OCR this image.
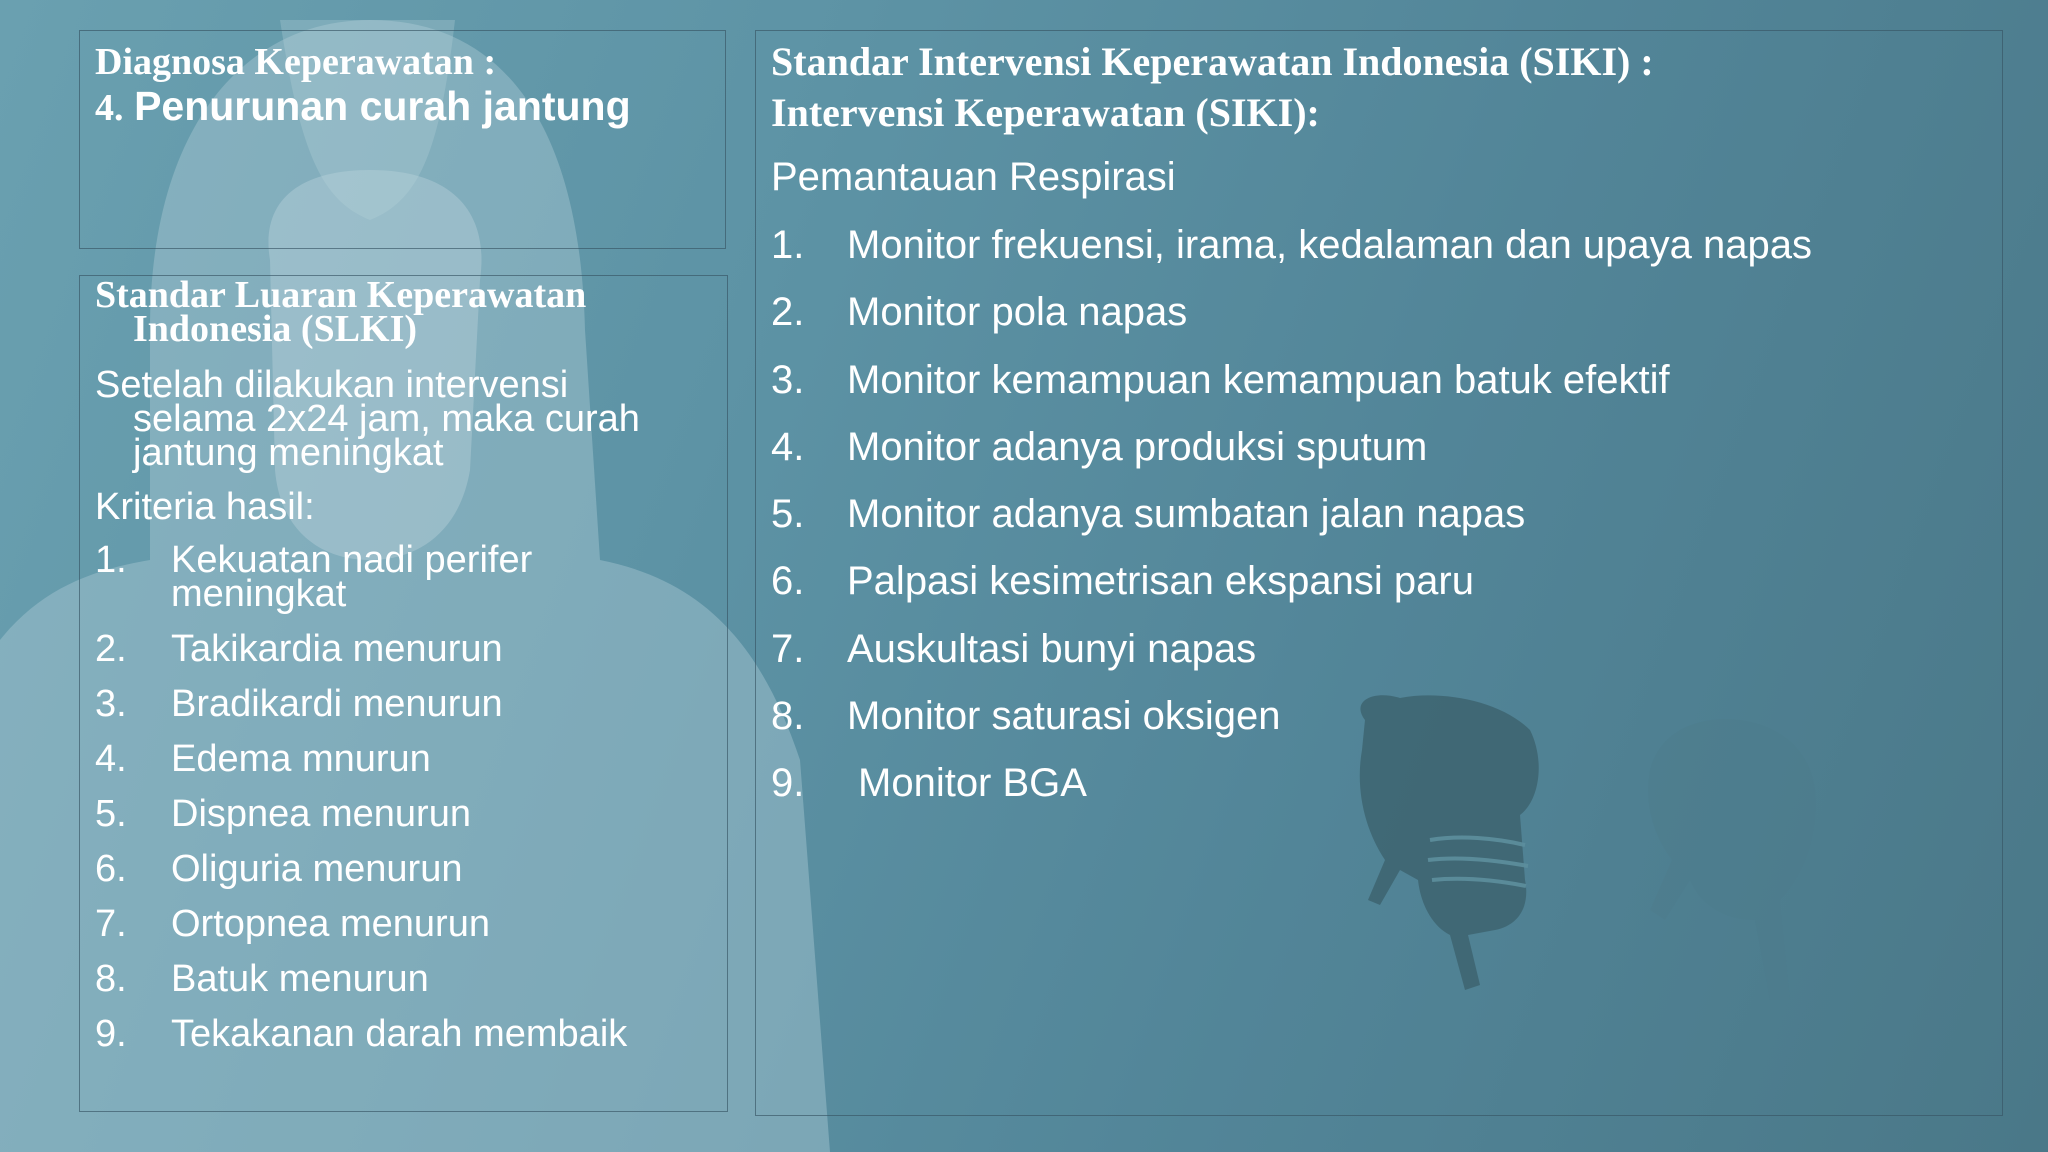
Diagnosa Keperawatan :
4. Penurunan curah jantung
Standar Luaran Keperawatan
Indonesia (SLKI)
Setelah dilakukan intervensi
selama 2x24 jam, maka curah
jantung meningkat
Kriteria hasil:
1. Kekuatan nadi perifer
meningkat
2. Takikardia menurun
3. Bradikardi menurun
4. Edema mnurun
5. Dispnea menurun
6. Oliguria menurun
7. Ortopnea menurun
8. Batuk menurun
9. Tekakanan darah membaik
Standar Intervensi Keperawatan Indonesia (SIKI) :
Intervensi Keperawatan (SIKI):
Pemantauan Respirasi
1. Monitor frekuensi, irama, kedalaman dan upaya napas
2. Monitor pola napas
3. Monitor kemampuan kemampuan batuk efektif
4. Monitor adanya produksi sputum
5. Monitor adanya sumbatan jalan napas
6. Palpasi kesimetrisan ekspansi paru
7. Auskultasi bunyi napas
8. Monitor saturasi oksigen
9. Monitor BGA
